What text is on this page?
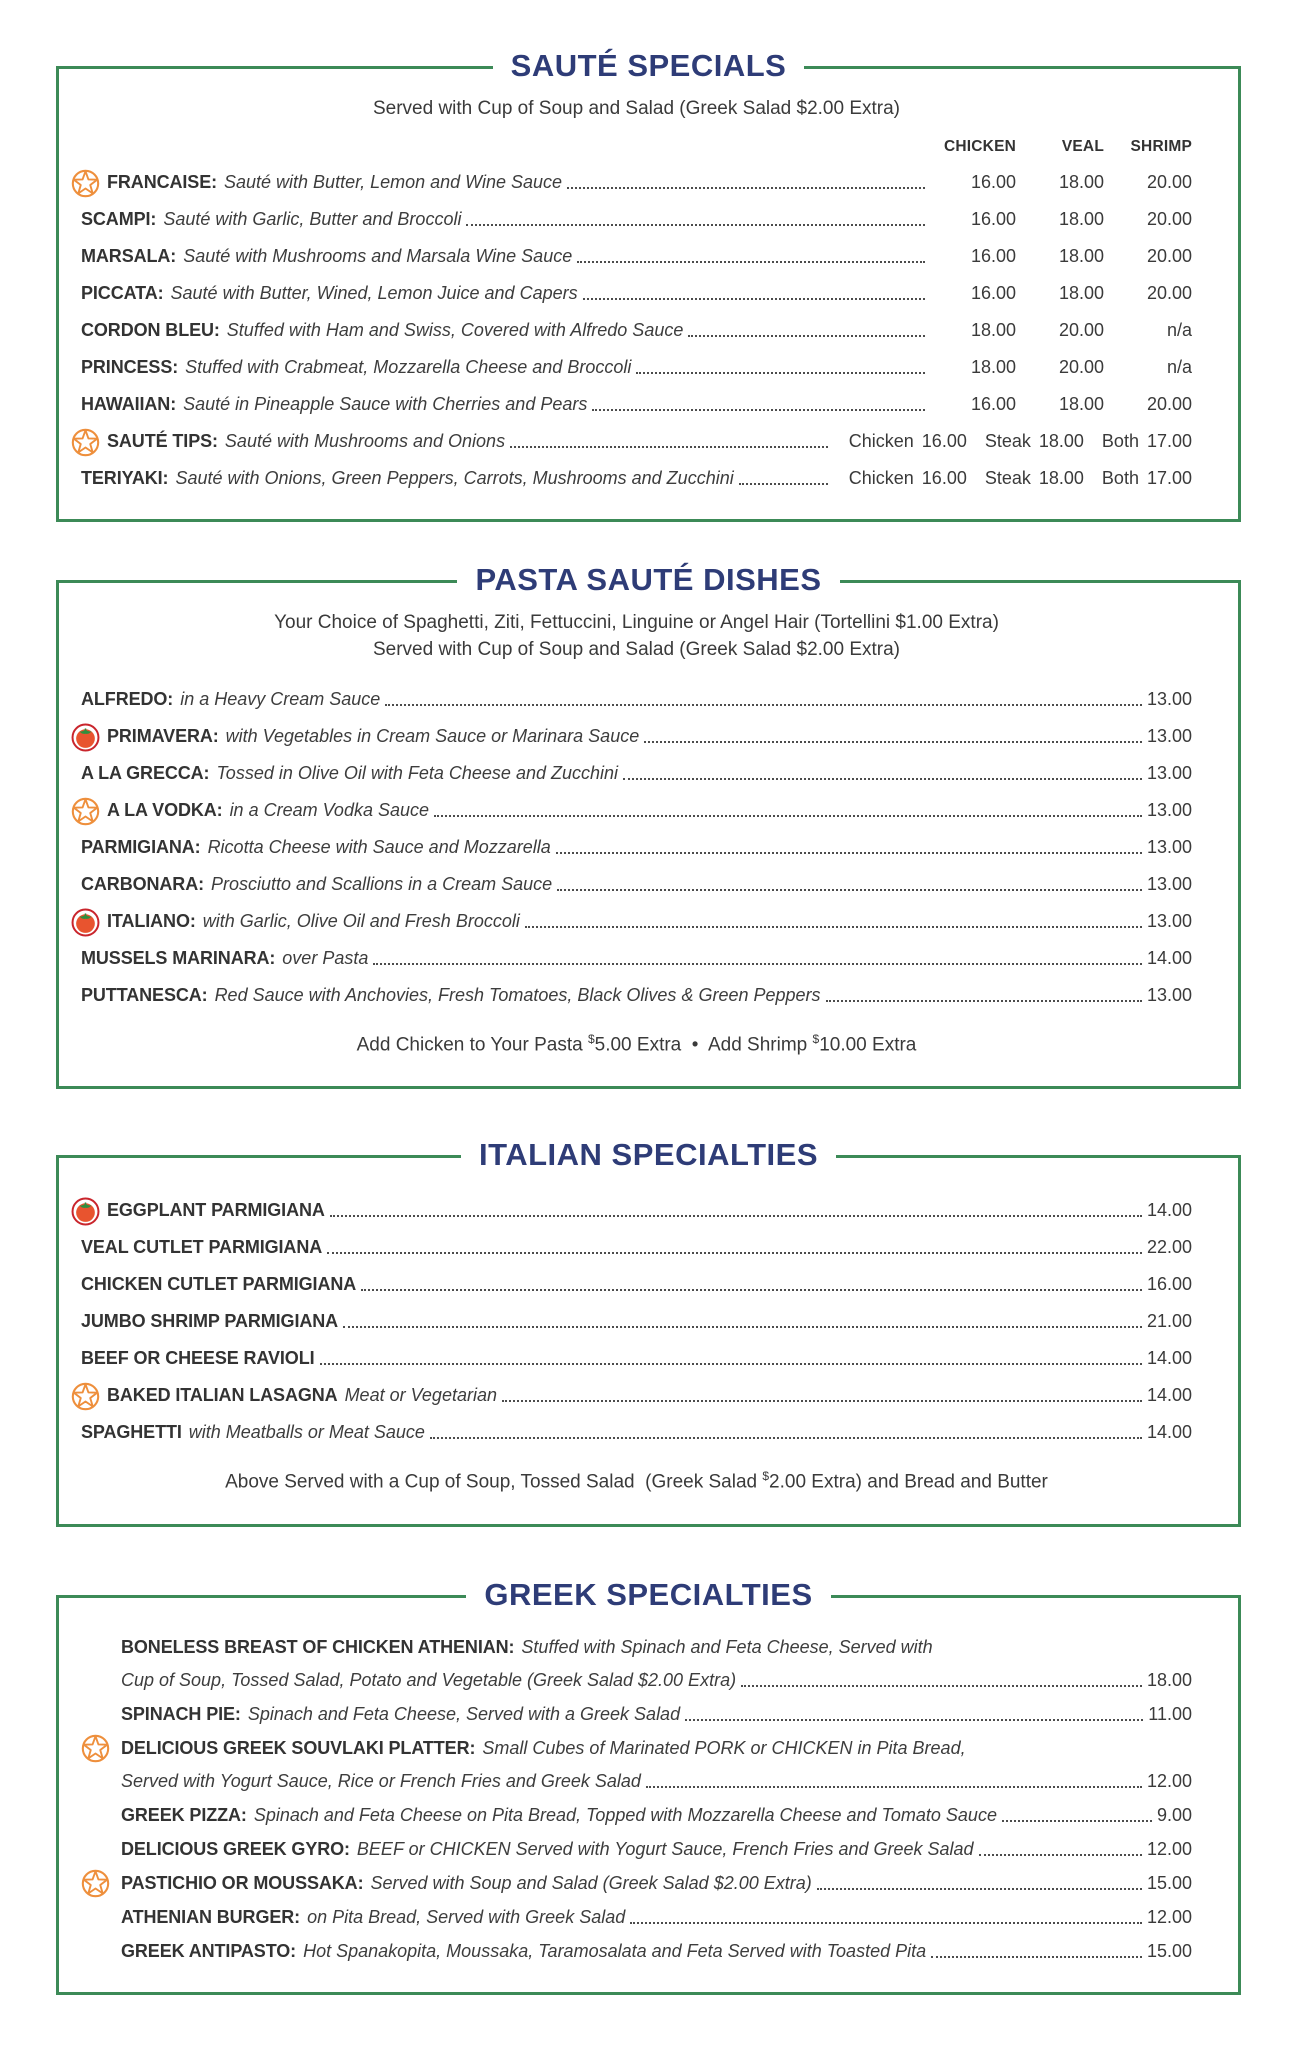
SAUTÉ SPECIALS
Served with Cup of Soup and Salad (Greek Salad $2.00 Extra)
CHICKEN	VEAL	SHRIMP
FRANCAISE: Sauté with Butter, Lemon and Wine Sauce	16.00	18.00	20.00
SCAMPI: Sauté with Garlic, Butter and Broccoli	16.00	18.00	20.00
MARSALA: Sauté with Mushrooms and Marsala Wine Sauce	16.00	18.00	20.00
PICCATA: Sauté with Butter, Wined, Lemon Juice and Capers	16.00	18.00	20.00
CORDON BLEU: Stuffed with Ham and Swiss, Covered with Alfredo Sauce	18.00	20.00	n/a
PRINCESS: Stuffed with Crabmeat, Mozzarella Cheese and Broccoli	18.00	20.00	n/a
HAWAIIAN: Sauté in Pineapple Sauce with Cherries and Pears	16.00	18.00	20.00
SAUTÉ TIPS: Sauté with Mushrooms and Onions	Chicken 16.00 Steak 18.00 Both 17.00
TERIYAKI: Sauté with Onions, Green Peppers, Carrots, Mushrooms and Zucchini	Chicken 16.00 Steak 18.00 Both 17.00
PASTA SAUTÉ DISHES
Your Choice of Spaghetti, Ziti, Fettuccini, Linguine or Angel Hair (Tortellini $1.00 Extra)
Served with Cup of Soup and Salad (Greek Salad $2.00 Extra)
ALFREDO: in a Heavy Cream Sauce	13.00
PRIMAVERA: with Vegetables in Cream Sauce or Marinara Sauce	13.00
A LA GRECCA: Tossed in Olive Oil with Feta Cheese and Zucchini	13.00
A LA VODKA: in a Cream Vodka Sauce	13.00
PARMIGIANA: Ricotta Cheese with Sauce and Mozzarella	13.00
CARBONARA: Prosciutto and Scallions in a Cream Sauce	13.00
ITALIANO: with Garlic, Olive Oil and Fresh Broccoli	13.00
MUSSELS MARINARA: over Pasta	14.00
PUTTANESCA: Red Sauce with Anchovies, Fresh Tomatoes, Black Olives & Green Peppers	13.00
Add Chicken to Your Pasta $5.00 Extra  •  Add Shrimp $10.00 Extra
ITALIAN SPECIALTIES
EGGPLANT PARMIGIANA	14.00
VEAL CUTLET PARMIGIANA	22.00
CHICKEN CUTLET PARMIGIANA	16.00
JUMBO SHRIMP PARMIGIANA	21.00
BEEF OR CHEESE RAVIOLI	14.00
BAKED ITALIAN LASAGNA Meat or Vegetarian	14.00
SPAGHETTI with Meatballs or Meat Sauce	14.00
Above Served with a Cup of Soup, Tossed Salad  (Greek Salad $2.00 Extra) and Bread and Butter
GREEK SPECIALTIES
BONELESS BREAST OF CHICKEN ATHENIAN: Stuffed with Spinach and Feta Cheese, Served with
Cup of Soup, Tossed Salad, Potato and Vegetable (Greek Salad $2.00 Extra)	18.00
SPINACH PIE: Spinach and Feta Cheese, Served with a Greek Salad	11.00
DELICIOUS GREEK SOUVLAKI PLATTER: Small Cubes of Marinated PORK or CHICKEN in Pita Bread,
Served with Yogurt Sauce, Rice or French Fries and Greek Salad	12.00
GREEK PIZZA: Spinach and Feta Cheese on Pita Bread, Topped with Mozzarella Cheese and Tomato Sauce	9.00
DELICIOUS GREEK GYRO: BEEF or CHICKEN Served with Yogurt Sauce, French Fries and Greek Salad	12.00
PASTICHIO OR MOUSSAKA: Served with Soup and Salad (Greek Salad $2.00 Extra)	15.00
ATHENIAN BURGER: on Pita Bread, Served with Greek Salad	12.00
GREEK ANTIPASTO: Hot Spanakopita, Moussaka, Taramosalata and Feta Served with Toasted Pita	15.00
